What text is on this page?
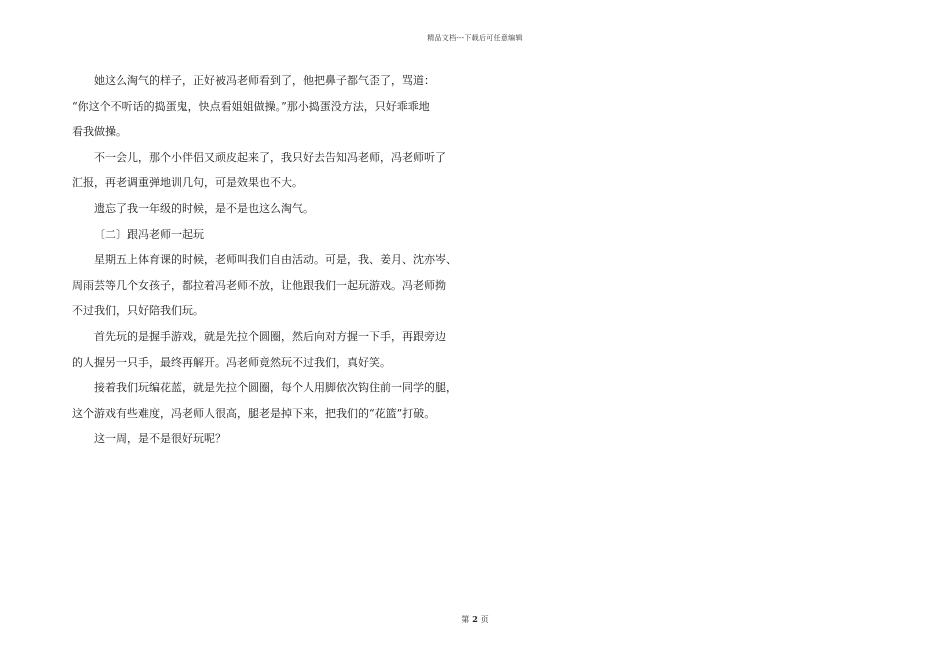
精品文档---下载后可任意编辑

她这么淘气的样子，正好被冯老师看到了，他把鼻子都气歪了，骂道：

“你这个不听话的捣蛋鬼，快点看姐姐做操。”那小捣蛋没方法，只好乖乖地

看我做操。

不一会儿，那个小伴侣又顽皮起来了，我只好去告知冯老师，冯老师听了

汇报，再老调重弹地训几句，可是效果也不大。

遗忘了我一年级的时候，是不是也这么淘气。

〔二〕跟冯老师一起玩

星期五上体育课的时候，老师叫我们自由活动。可是，我、姜月、沈亦岑、

周雨芸等几个女孩子，都拉着冯老师不放，让他跟我们一起玩游戏。冯老师拗

不过我们，只好陪我们玩。

首先玩的是握手游戏，就是先拉个圆圈，然后向对方握一下手，再跟旁边

的人握另一只手，最终再解开。冯老师竟然玩不过我们，真好笑。

接着我们玩编花蓝，就是先拉个圆圈，每个人用脚依次钩住前一同学的腿，

这个游戏有些难度，冯老师人很高，腿老是掉下来，把我们的“花篮”打破。

这一周，是不是很好玩呢？

第 2 页
